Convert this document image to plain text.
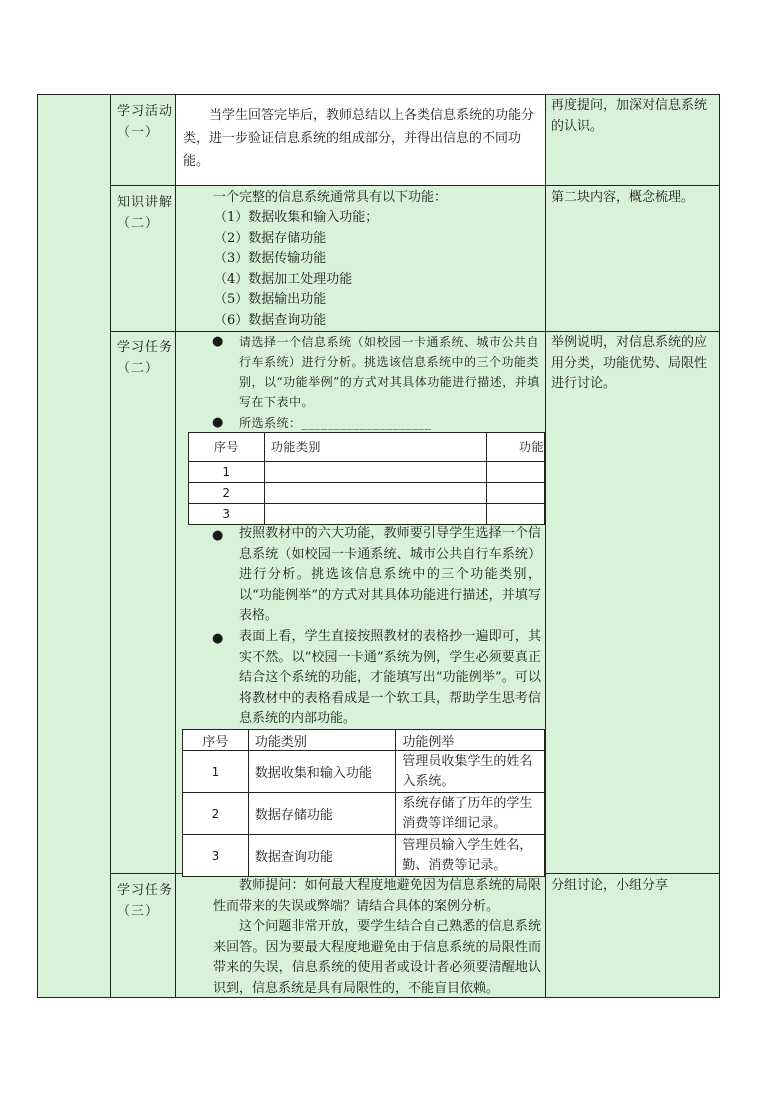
学习活动（一）
当学生回答完毕后，教师总结以上各类信息系统的功能分类，进一步验证信息系统的组成部分，并得出信息的不同功能。
再度提问，加深对信息系统的认识。
知识讲解（二）
一个完整的信息系统通常具有以下功能：
（1）数据收集和输入功能；
（2）数据存储功能
（3）数据传输功能
（4）数据加工处理功能
（5）数据输出功能
（6）数据查询功能
第二块内容，概念梳理。
学习任务（二）
● 请选择一个信息系统（如校园一卡通系统、城市公共自行车系统）进行分析。挑选该信息系统中的三个功能类别，以“功能举例”的方式对其具体功能进行描述，并填写在下表中。
● 所选系统：____________________
序号	功能类别	功能
1		
2		
3		
● 按照教材中的六大功能，教师要引导学生选择一个信息系统（如校园一卡通系统、城市公共自行车系统）进行分析。挑选该信息系统中的三个功能类别，以“功能例举”的方式对其具体功能进行描述，并填写表格。
● 表面上看，学生直接按照教材的表格抄一遍即可，其实不然。以“校园一卡通”系统为例，学生必须要真正结合这个系统的功能，才能填写出“功能例举”。可以将教材中的表格看成是一个软工具，帮助学生思考信息系统的内部功能。
序号	功能类别	功能例举
1	数据收集和输入功能	管理员收集学生的姓名入系统。
2	数据存储功能	系统存储了历年的学生消费等详细记录。
3	数据查询功能	管理员输入学生姓名，勤、消费等记录。
举例说明，对信息系统的应用分类，功能优势、局限性进行讨论。
学习任务（三）
教师提问：如何最大程度地避免因为信息系统的局限性而带来的失误或弊端？请结合具体的案例分析。
这个问题非常开放，要学生结合自己熟悉的信息系统来回答。因为要最大程度地避免由于信息系统的局限性而带来的失误，信息系统的使用者或设计者必须要清醒地认识到，信息系统是具有局限性的，不能盲目依赖。
分组讨论，小组分享
